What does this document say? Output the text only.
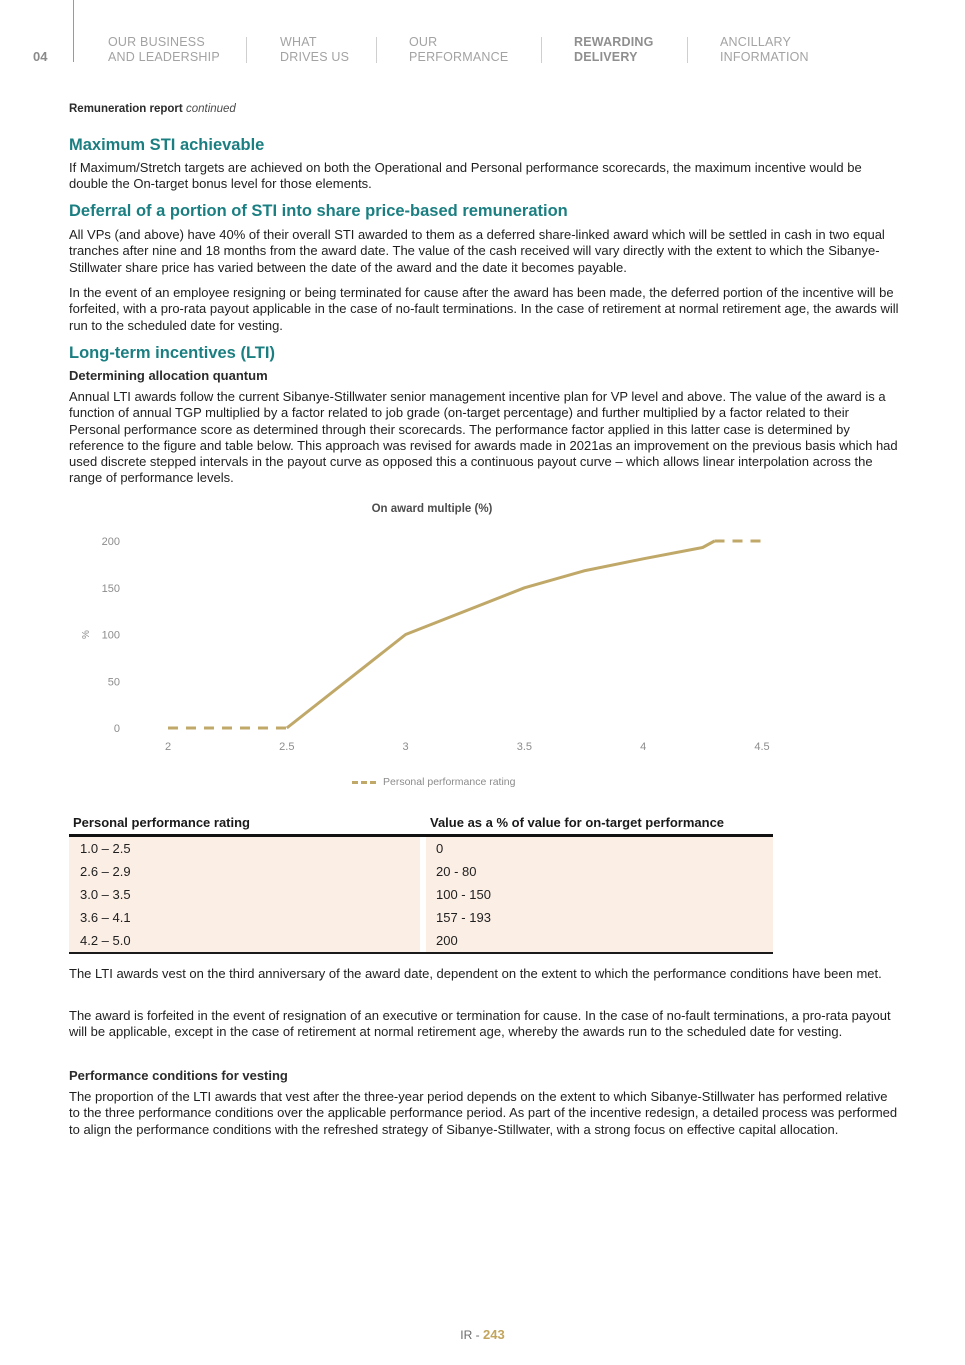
04
OUR BUSINESS
AND LEADERSHIP
WHAT
DRIVES US
OUR
PERFORMANCE
REWARDING
DELIVERY
ANCILLARY
INFORMATION
Remuneration report continued
Maximum STI achievable

If Maximum/Stretch targets are achieved on both the Operational and Personal performance scorecards, the maximum incentive would be double the On-target bonus level for those elements.

Deferral of a portion of STI into share price-based remuneration

All VPs (and above) have 40% of their overall STI awarded to them as a deferred share-linked award which will be settled in cash in two equal tranches after nine and 18 months from the award date. The value of the cash received will vary directly with the extent to which the Sibanye-Stillwater share price has varied between the date of the award and the date it becomes payable.

In the event of an employee resigning or being terminated for cause after the award has been made, the deferred portion of the incentive will be forfeited, with a pro-rata payout applicable in the case of no-fault terminations. In the case of retirement at normal retirement age, the awards will run to the scheduled date for vesting.

Long-term incentives (LTI)
Determining allocation quantum

Annual LTI awards follow the current Sibanye-Stillwater senior management incentive plan for VP level and above. The value of the award is a function of annual TGP multiplied by a factor related to job grade (on-target percentage) and further multiplied by a factor related to their Personal performance score as determined through their scorecards. The performance factor applied in this latter case is determined by reference to the figure and table below. This approach was revised for awards made in 2021as an improvement on the previous basis which had used discrete stepped intervals in the payout curve as opposed this a continuous payout curve – which allows linear interpolation across the range of performance levels.

On award multiple (%)
200
150
100
50
0
2	2.5	3	3.5	4	4.5
%
Personal performance rating
Personal performance rating		Value as a % of value for on-target performance
1.0 – 2.5		0
2.6 – 2.9		20 - 80
3.0 – 3.5		100 - 150
3.6 – 4.1		157 - 193
4.2 – 5.0		200

The LTI awards vest on the third anniversary of the award date, dependent on the extent to which the performance conditions have been met.

The award is forfeited in the event of resignation of an executive or termination for cause. In the case of no-fault terminations, a pro-rata payout will be applicable, except in the case of retirement at normal retirement age, whereby the awards run to the scheduled date for vesting.

Performance conditions for vesting

The proportion of the LTI awards that vest after the three-year period depends on the extent to which Sibanye-Stillwater has performed relative to the three performance conditions over the applicable performance period. As part of the incentive redesign, a detailed process was performed to align the performance conditions with the refreshed strategy of Sibanye-Stillwater, with a strong focus on effective capital allocation.

IR - 243
